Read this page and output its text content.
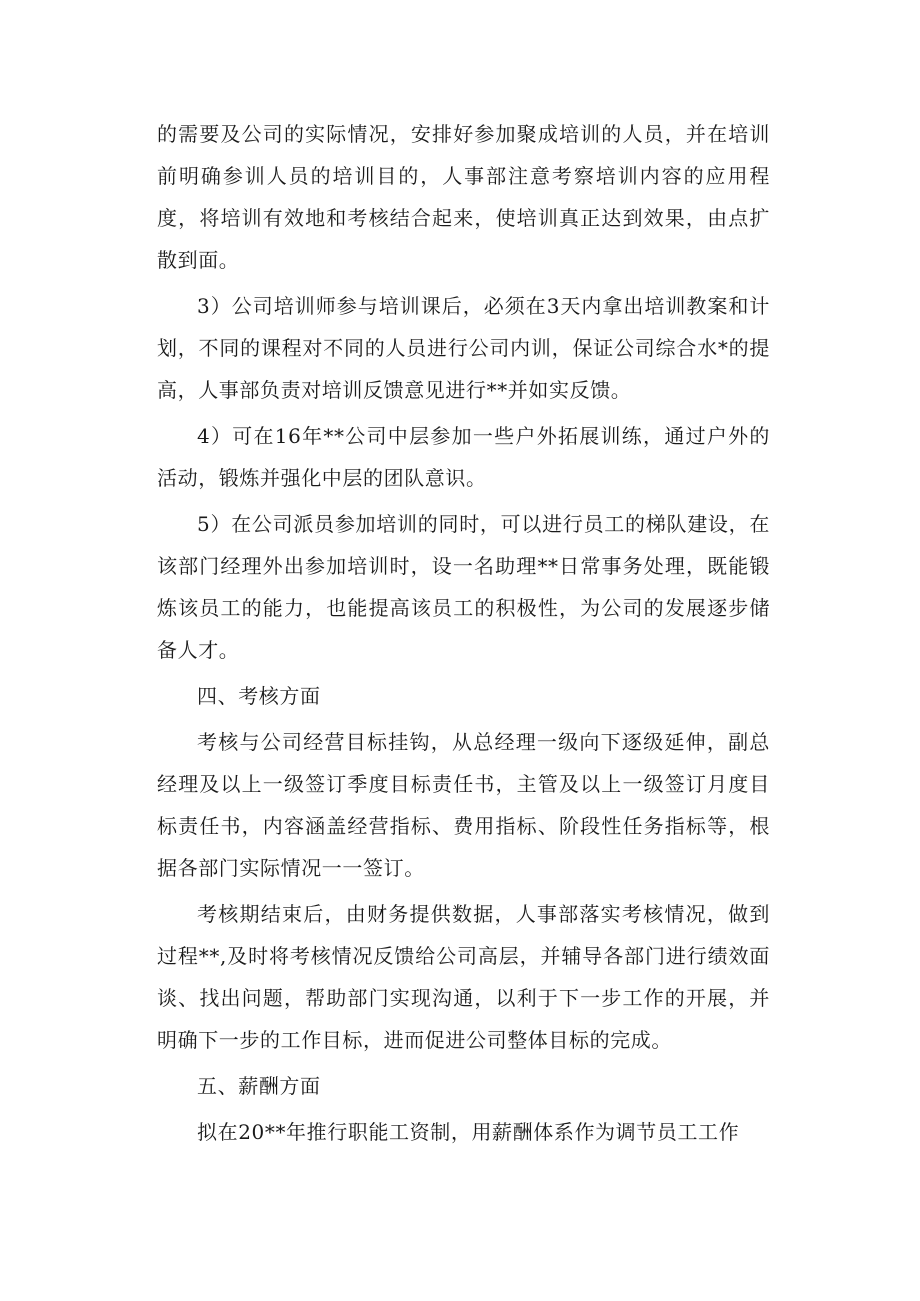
的需要及公司的实际情况，安排好参加聚成培训的人员，并在培训前明确参训人员的培训目的，人事部注意考察培训内容的应用程度，将培训有效地和考核结合起来，使培训真正达到效果，由点扩散到面。

3）公司培训师参与培训课后，必须在3天内拿出培训教案和计划，不同的课程对不同的人员进行公司内训，保证公司综合水*的提高，人事部负责对培训反馈意见进行**并如实反馈。

4）可在16年**公司中层参加一些户外拓展训练，通过户外的活动，锻炼并强化中层的团队意识。

5）在公司派员参加培训的同时，可以进行员工的梯队建设，在该部门经理外出参加培训时，设一名助理**日常事务处理，既能锻炼该员工的能力，也能提高该员工的积极性，为公司的发展逐步储备人才。

四、考核方面

考核与公司经营目标挂钩，从总经理一级向下逐级延伸，副总经理及以上一级签订季度目标责任书，主管及以上一级签订月度目标责任书，内容涵盖经营指标、费用指标、阶段性任务指标等，根据各部门实际情况一一签订。

考核期结束后，由财务提供数据，人事部落实考核情况，做到过程**,及时将考核情况反馈给公司高层，并辅导各部门进行绩效面谈、找出问题，帮助部门实现沟通，以利于下一步工作的开展，并明确下一步的工作目标，进而促进公司整体目标的完成。

五、薪酬方面

拟在20**年推行职能工资制，用薪酬体系作为调节员工工作
